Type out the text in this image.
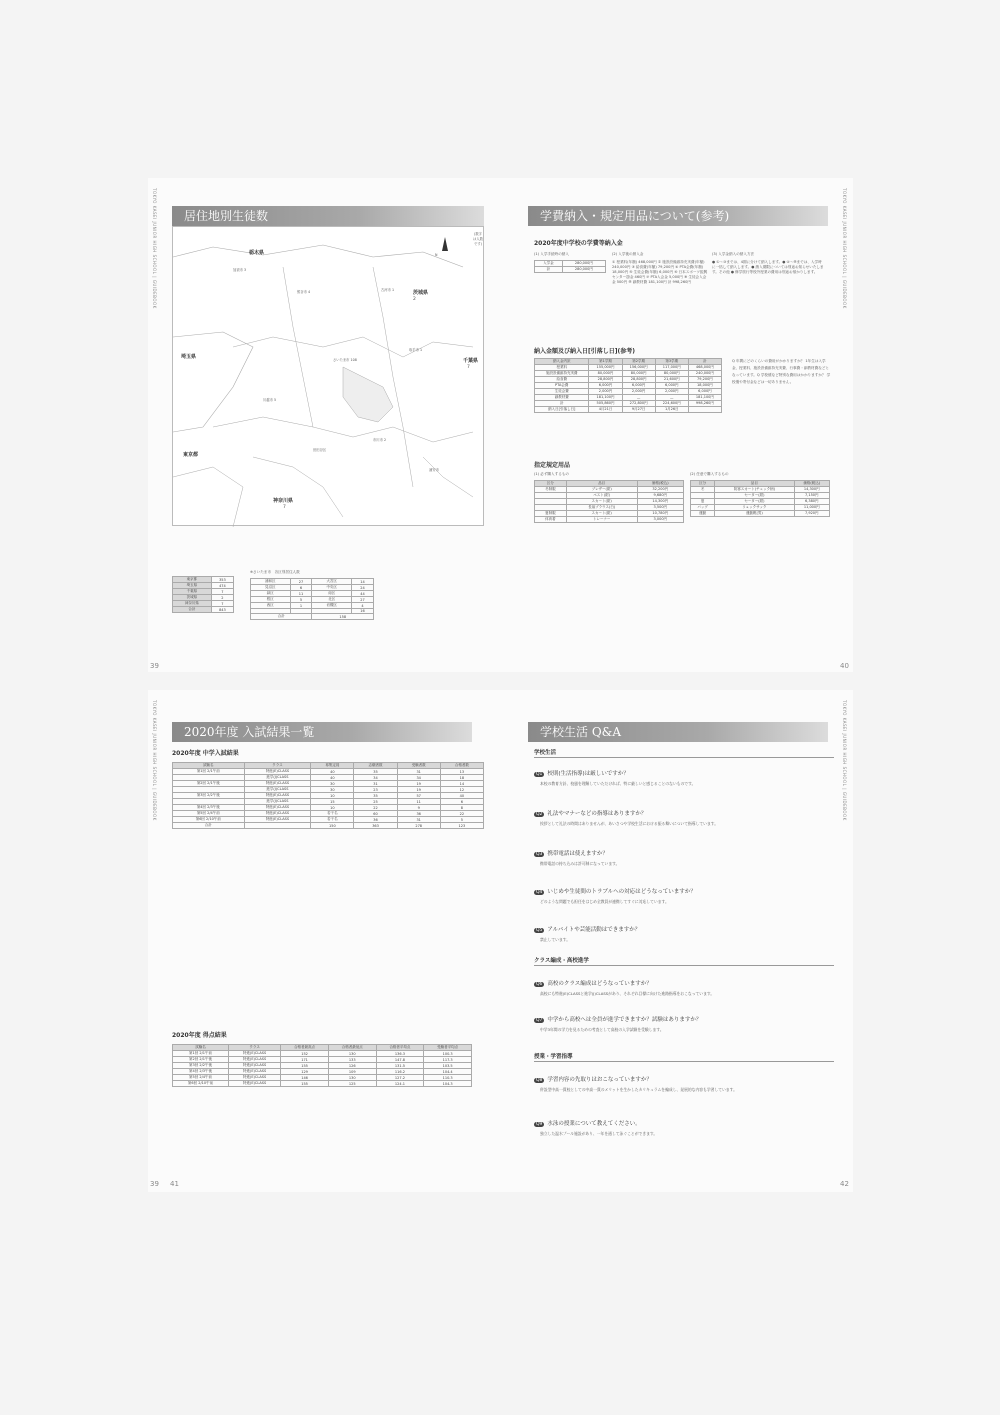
TOKYO KASEI JUNIOR HIGH SCHOOL | GUIDEBOOK	居住地別生徒数
(数字は人数です)
N
栃木県
埼玉県
茨城県
2
千葉県
7
東京都
神奈川県
7
さいたま市 108
加須市 3
熊谷市 4	古河市 1
取手市 1
市川市 2
世田谷区
浦安市
川越市 5
東京都	353
埼玉県	474
千葉県	7
茨城県	2
神奈川県	7
合計	843
※さいたま市　各区別居住人数
浦和区	27	大宮区	14
見沼区	6	中央区	24
緑区	11	南区	44
桜区	5	北区	27
西区	1	岩槻区	4
			16
合計		158	
39
TOKYO KASEI JUNIOR HIGH SCHOOL | GUIDEBOOK
学費納入・規定用品について(参考)
2020年度中学校の学費等納入金
(1) 入学手続時の納入
入学金	280,000円
計	280,000円
(2) 入学後の納入金
① 授業料(年額) 468,000円 ② 施設設備維持充実費(年額) 240,000円 ③ 給食費(年額) 79,200円 ④ PTA会費(年額) 18,000円 ⑤ 生徒会費(年額) 6,000円 ⑥ 日本スポーツ振興センター掛金 460円 ⑦ PTA入会金 5,000円 ⑧ 生徒会入会金 500円 ⑨ 副教材費 181,100円 計 998,260円
(3) 入学金納入の納入方法
● ①～③までは、4期に分けて納入します。● ④～⑨までは、入学時に一括して納入します。● 納入期限については別途お知らせいたします。その他 ● 修学旅行等校外授業の費用は別途お預かりします。
納入金額及び納入日[引落し日](参考)
納入金内訳	第1学期	第2学期	第3学期	計
授業料	155,000円	156,000円	117,000円	468,000円
施設設備維持充実費	80,000円	80,000円	80,000円	240,000円
給食費	28,800円	28,800円	21,600円	79,200円
PTA会費	6,000円	6,000円	6,000円	18,000円
生徒会費	2,000円	2,000円	2,000円	6,000円
副教材費	181,100円	—	—	181,100円
計	505,860円	272,800円	224,600円	998,260円
納入日[引落し日]	4月21日	9月27日	1月26日	
Q 年間にどのくらいの費用がかかりますか？ 1年生は入学金、授業料、施設設備維持充実費、行事費・副教材費などとなっています。Q 学校債など特別な費用はかかりますか？ 学校債や寄付金などは一切ありません。
指定規定用品
(1) 必ず購入するもの
区分	品目	価格(税込)
冬制服	ブレザー(紺)	32,200円
	ベスト(紺)	9,680円
	スカート(紺)	14,300円
	長袖ブラウス(白)	3,500円
夏制服	スカート(紺)	10,780円
体育着	トレーナー	3,000円
(2) 任意で購入するもの
区分	品目	価格(税込)
冬	防寒スカート(チェック柄)	14,300円
	セーター(紺)	7,150円
夏	セーター(紺)	6,380円
バッグ	リュックサック	11,000円
運動	運動靴(男)	7,920円
40
TOKYO KASEI JUNIOR HIGH SCHOOL | GUIDEBOOK	2020年度 入試結果一覧
2020年度 中学入試結果
試験名	クラス	募集定員	志願者数	受験者数	合格者数
第1回 2/1午前	特進(E)CLASS	40	35	31	13
	進学(J)CLASS	40	34	34	18
第2回 2/1午後	特進(E)CLASS	30	31	19	14
	進学(J)CLASS	30	23	19	12
第3回 2/2午後	特進(E)CLASS	10	35	57	40
	進学(J)CLASS	15	25	11	6
第4回 2/3午後	特進(E)CLASS	10	22	9	8
第5回 2/4午前	特進(E)CLASS	若干名	60	36	22
第6回 2/10午前	特進(E)CLASS	若干名	36	31	5
合計		150	363	278	123
2020年度 得点結果
試験名	クラス	合格者最高点	合格者最低点	合格者平均点	受験者平均点
第1回 2/1午前	特進(E)CLASS	152	130	136.3	100.3
第2回 2/1午後	特進(E)CLASS	171	133	147.8	117.3
第3回 2/2午後	特進(E)CLASS	155	126	131.5	103.5
第4回 2/3午後	特進(E)CLASS	129	109	116.2	104.4
第5回 2/4午前	特進(E)CLASS	146	130	127.2	110.3
第6回 2/10午前	特進(E)CLASS	155	125	124.1	104.3
39 41
TOKYO KASEI JUNIOR HIGH SCHOOL | GUIDEBOOK
学校生活 Q&A
学校生活
Q1 校則(生活指導)は厳しいですか？
本校の教育方針、校風を理解していただければ、特に厳しいと感じることのないものです。
Q2 礼法やマナーなどの指導はありますか？
挨拶として礼法の時間はありませんが、あいさつや学校生活における振る舞いについて指導しています。
Q3 携帯電話は使えますか？
携帯電話の持ち込みは許可制になっています。
Q4 いじめや生徒間のトラブルへの対応はどうなっていますか？
どのような問題でも担任をはじめ全教員が連携してすぐに対応しています。
Q5 アルバイトや芸能活動はできますか？
禁止しています。
クラス編成・高校進学
Q6 高校のクラス編成はどうなっていますか？
高校にも特進(E)CLASSと進学(J)CLASSがあり、それぞれ目標に向けた進路指導をおこなっています。
Q7 中学から高校へは全員が進学できますか？試験はありますか？
中学3年間の学力を見るための考査として高校の入学試験を受験します。
授業・学習指導
Q8 学習内容の先取りはおこなっていますか？
併設型中高一貫校としての中高一貫のメリットを生かしたカリキュラムを編成し、発展的な内容も学習しています。
Q9 水泳の授業について教えてください。
独立した温水プール施設があり、一年を通して泳ぐことができます。
42
